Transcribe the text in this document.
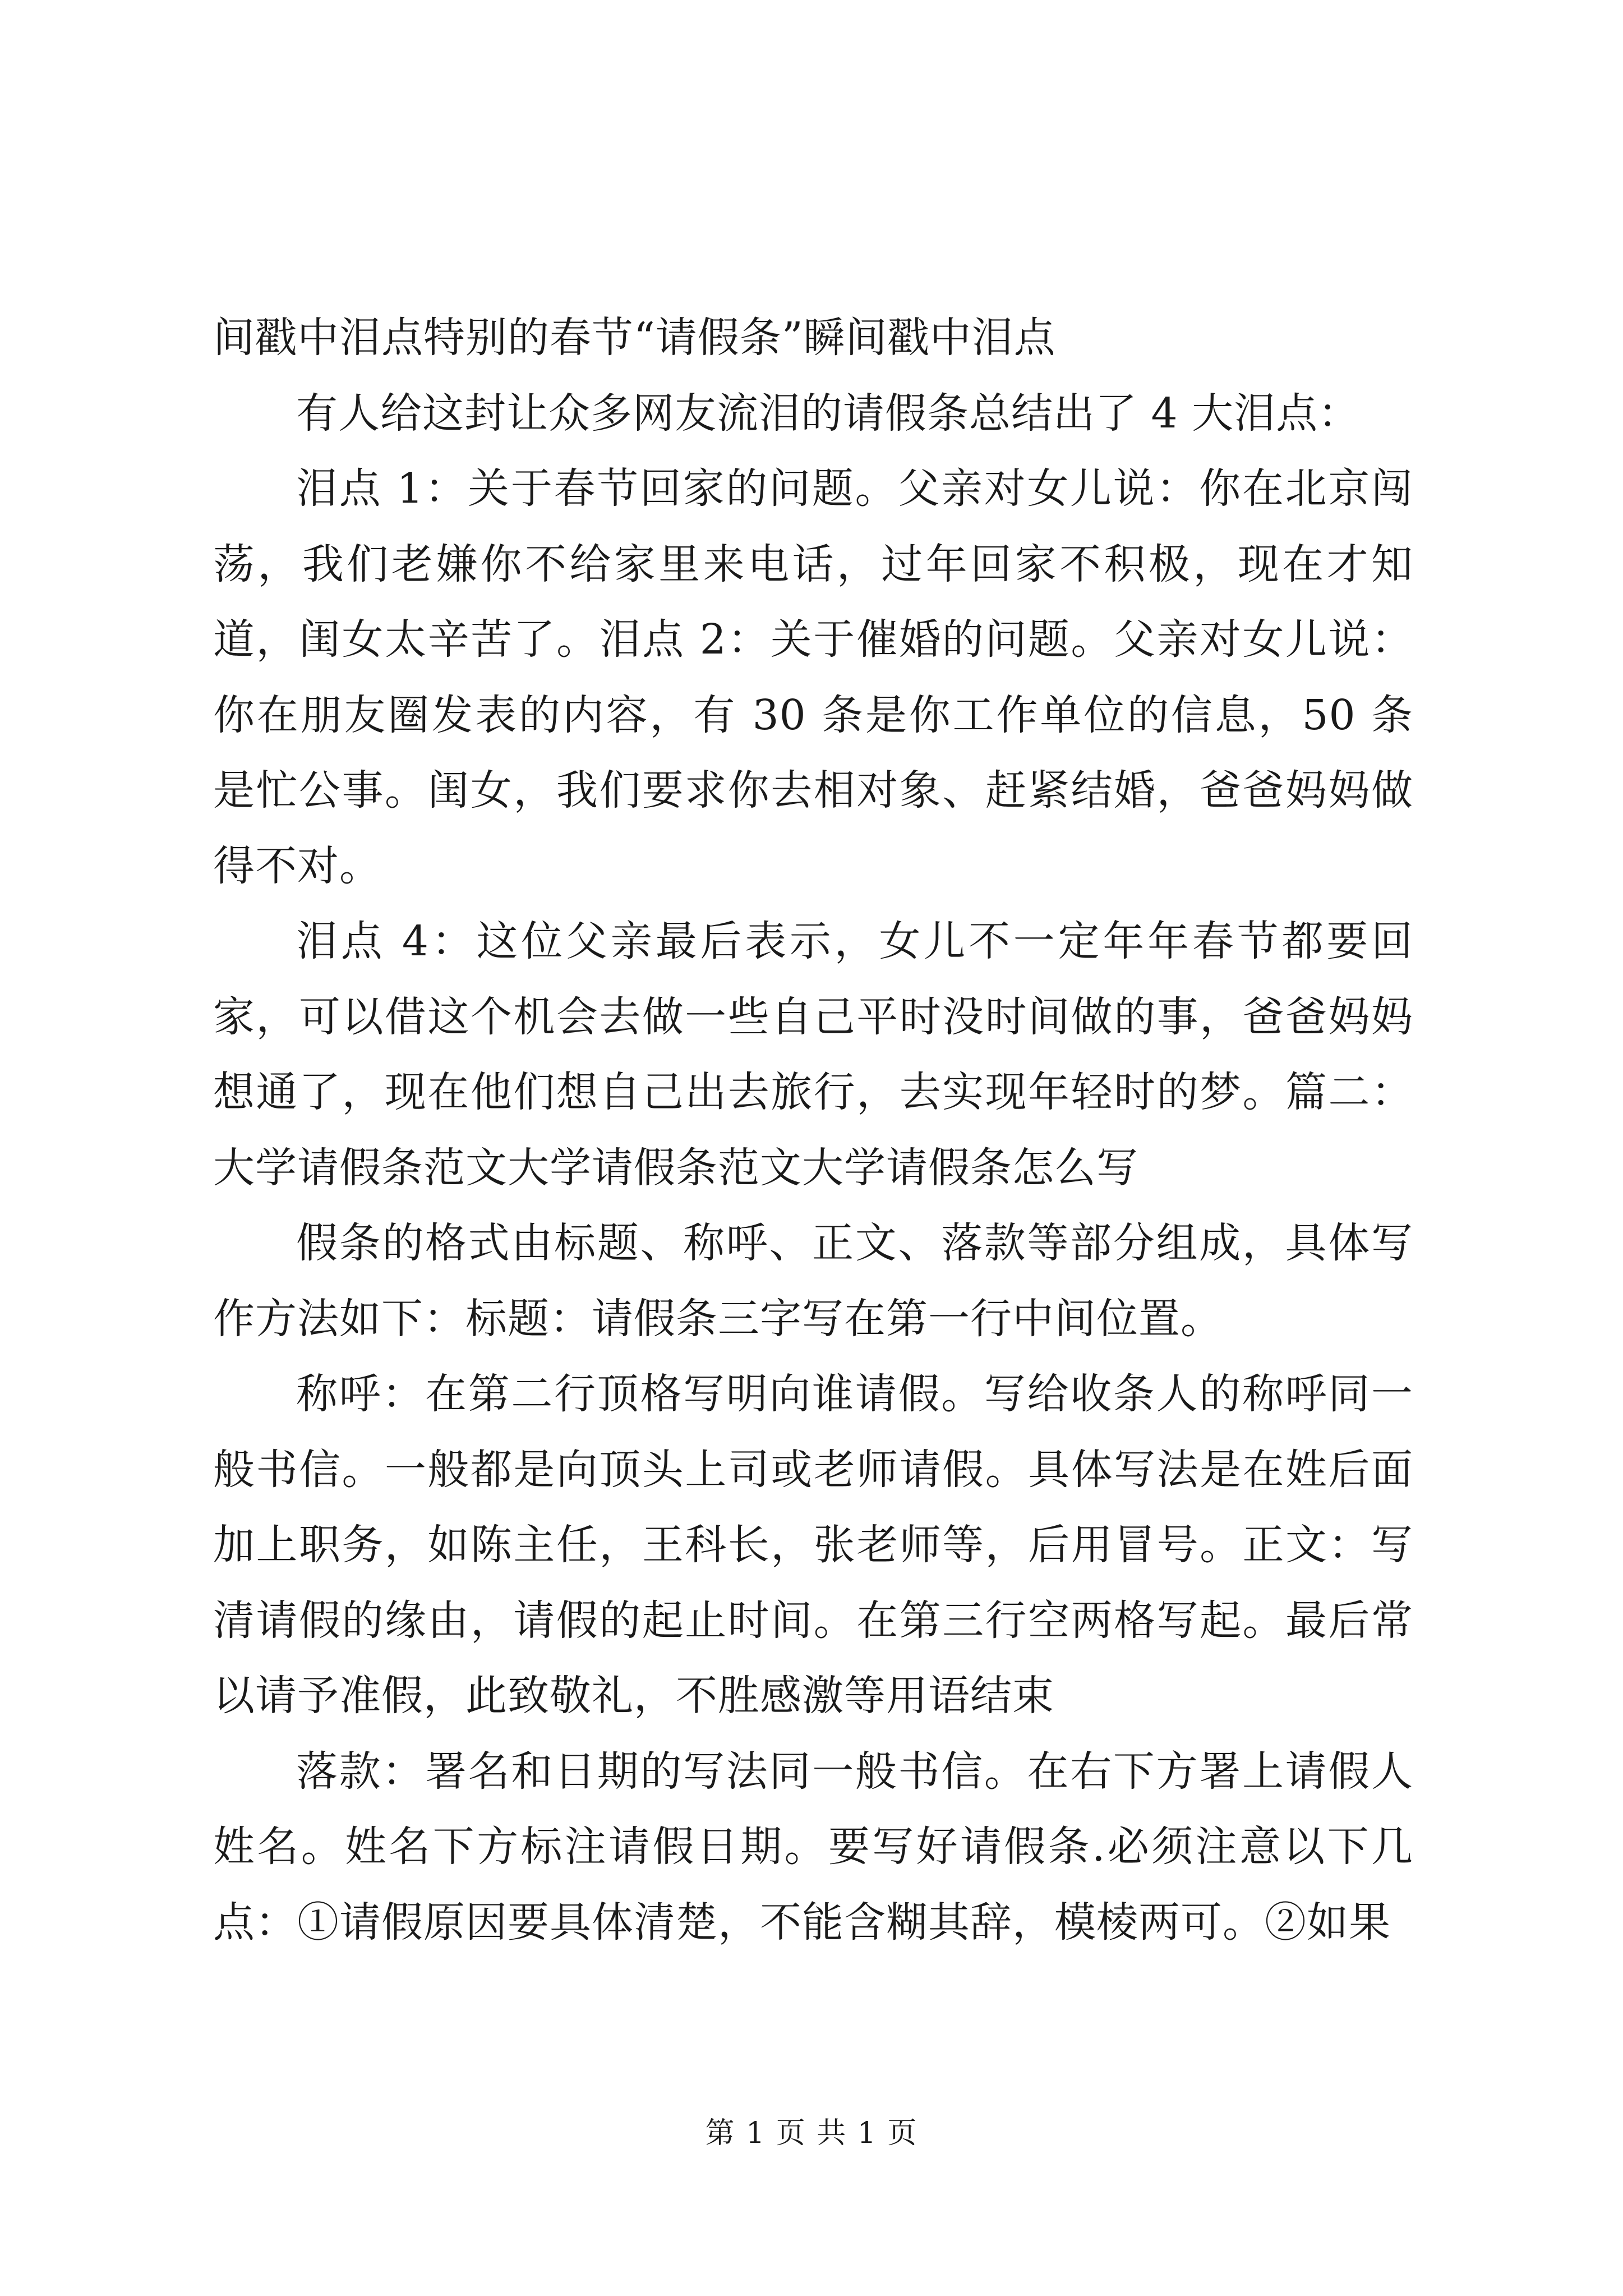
间戳中泪点特别的春节“请假条”瞬间戳中泪点

有人给这封让众多网友流泪的请假条总结出了 4 大泪点：

泪点 1：关于春节回家的问题。父亲对女儿说：你在北京闯荡，我们老嫌你不给家里来电话，过年回家不积极，现在才知道，闺女太辛苦了。泪点 2：关于催婚的问题。父亲对女儿说：你在朋友圈发表的内容，有 30 条是你工作单位的信息，50 条是忙公事。闺女，我们要求你去相对象、赶紧结婚，爸爸妈妈做得不对。

泪点 4：这位父亲最后表示，女儿不一定年年春节都要回家，可以借这个机会去做一些自己平时没时间做的事，爸爸妈妈想通了，现在他们想自己出去旅行，去实现年轻时的梦。篇二：大学请假条范文大学请假条范文大学请假条怎么写

假条的格式由标题、称呼、正文、落款等部分组成，具体写作方法如下：标题：请假条三字写在第一行中间位置。

称呼：在第二行顶格写明向谁请假。写给收条人的称呼同一般书信。一般都是向顶头上司或老师请假。具体写法是在姓后面加上职务，如陈主任，王科长，张老师等，后用冒号。正文：写清请假的缘由，请假的起止时间。在第三行空两格写起。最后常以请予准假，此致敬礼，不胜感激等用语结束

落款：署名和日期的写法同一般书信。在右下方署上请假人姓名。姓名下方标注请假日期。要写好请假条.必须注意以下几点：①请假原因要具体清楚，不能含糊其辞，模棱两可。②如果

第 1 页 共 1 页
